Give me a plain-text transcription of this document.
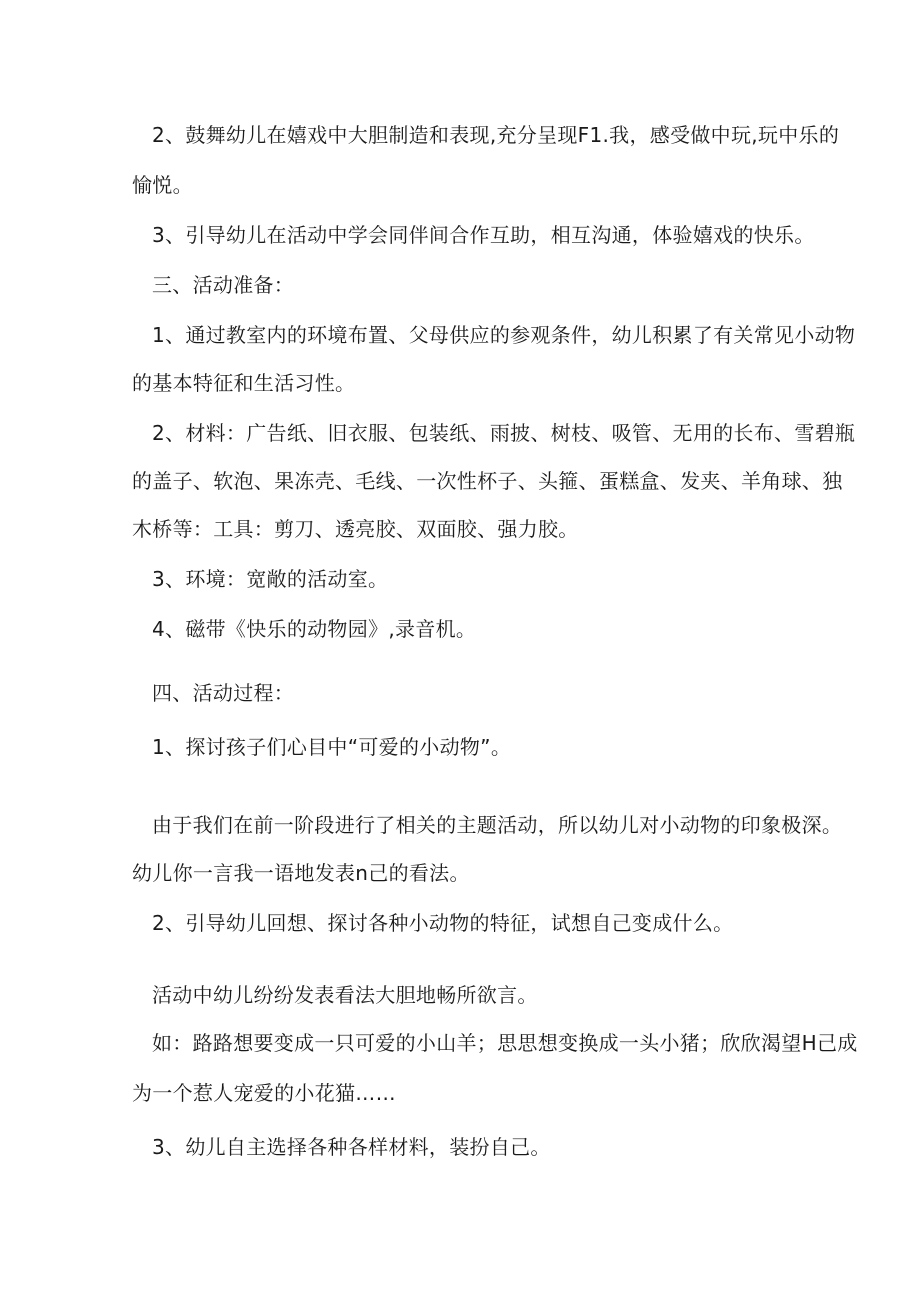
2、鼓舞幼儿在嬉戏中大胆制造和表现,充分呈现F1.我，感受做中玩,玩中乐的
愉悦。
3、引导幼儿在活动中学会同伴间合作互助，相互沟通，体验嬉戏的快乐。
三、活动准备：
1、通过教室内的环境布置、父母供应的参观条件，幼儿积累了有关常见小动物
的基本特征和生活习性。
2、材料：广告纸、旧衣服、包装纸、雨披、树枝、吸管、无用的长布、雪碧瓶
的盖子、软泡、果冻壳、毛线、一次性杯子、头箍、蛋糕盒、发夹、羊角球、独
木桥等：工具：剪刀、透亮胶、双面胶、强力胶。
3、环境：宽敞的活动室。
4、磁带《快乐的动物园》,录音机。
四、活动过程：
1、探讨孩子们心目中“可爱的小动物”。
由于我们在前一阶段进行了相关的主题活动，所以幼儿对小动物的印象极深。
幼儿你一言我一语地发表n己的看法。
2、引导幼儿回想、探讨各种小动物的特征，试想自己变成什么。
活动中幼儿纷纷发表看法大胆地畅所欲言。
如：路路想要变成一只可爱的小山羊；思思想变换成一头小猪；欣欣渴望H己成
为一个惹人宠爱的小花猫……
3、幼儿自主选择各种各样材料，装扮自己。
